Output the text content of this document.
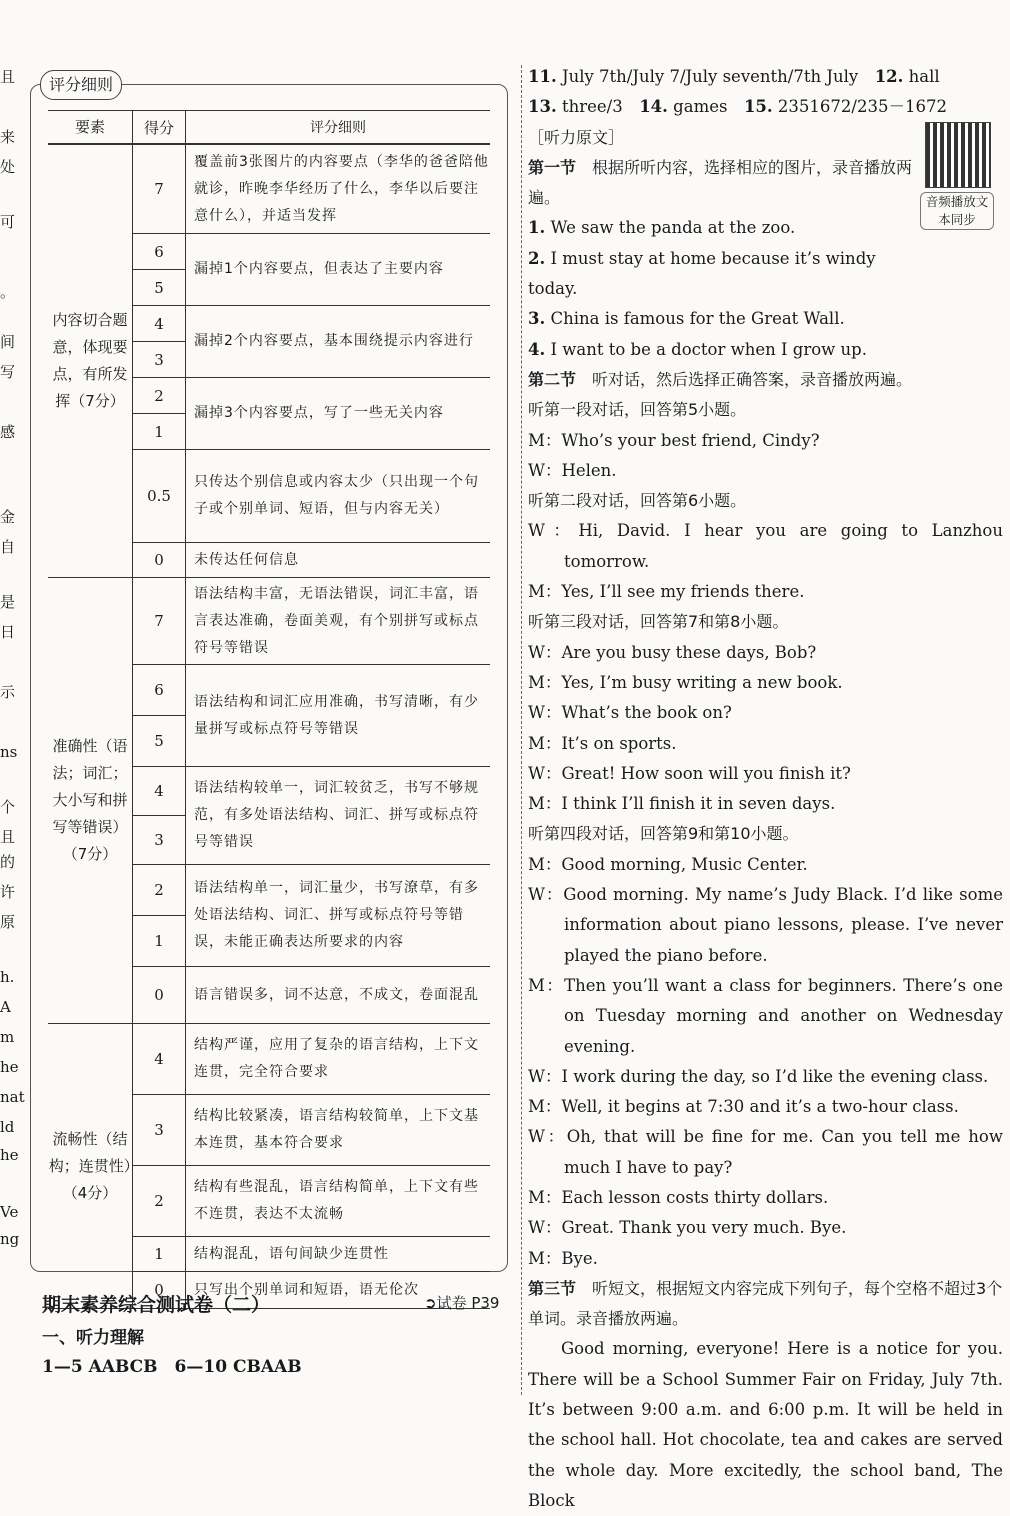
且
来
处
可
。
间
写
感
金
自
是
日
示
ns
个
且
的
许
原
h.
A
m
he
nat
ld
he
Ve
ng
评分细则
要素	得分	评分细则
内容切合题意，体现要点，有所发挥（7分）	7	覆盖前3张图片的内容要点（李华的爸爸陪他就诊，昨晚李华经历了什么，李华以后要注意什么），并适当发挥
	6	漏掉1个内容要点，但表达了主要内容
	5	
	4	漏掉2个内容要点，基本围绕提示内容进行
	3	
	2	漏掉3个内容要点，写了一些无关内容
	1	
	0.5	只传达个别信息或内容太少（只出现一个句子或个别单词、短语，但与内容无关）
	0	未传达任何信息
准确性（语法；词汇；大小写和拼写等错误）（7分）	7	语法结构丰富，无语法错误，词汇丰富，语言表达准确，卷面美观，有个别拼写或标点符号等错误
	6	语法结构和词汇应用准确，书写清晰，有少量拼写或标点符号等错误
	5	
	4	语法结构较单一，词汇较贫乏，书写不够规范，有多处语法结构、词汇、拼写或标点符号等错误
	3	
	2	语法结构单一，词汇量少，书写潦草，有多处语法结构、词汇、拼写或标点符号等错误，未能正确表达所要求的内容
	1	
	0	语言错误多，词不达意，不成文，卷面混乱
流畅性（结构；连贯性）（4分）	4	结构严谨，应用了复杂的语言结构，上下文连贯，完全符合要求
	3	结构比较紧凑，语言结构较简单，上下文基本连贯，基本符合要求
	2	结构有些混乱，语言结构简单，上下文有些不连贯，表达不太流畅
	1	结构混乱，语句间缺少连贯性
	0	只写出个别单词和短语，语无伦次
期末素养综合测试卷（二）	➲试卷 P39
一、听力理解
1—5 AABCB　6—10 CBAAB
音频播放文本同步

11. July 7th/July 7/July seventh/7th July　 12. hall

13. three/3　 14. games　 15. 2351672/235－1672

［听力原文］

第一节　 根据所听内容，选择相应的图片，录音播放两遍。

1. We saw the panda at the zoo.

2. I must stay at home because it’s windy today.

3. China is famous for the Great Wall.

4. I want to be a doctor when I grow up.

第二节　 听对话，然后选择正确答案，录音播放两遍。

听第一段对话，回答第5小题。

M：Who’s your best friend, Cindy?

W：Helen.

听第二段对话，回答第6小题。

W：Hi, David. I hear you are going to Lanzhou tomorrow.

M：Yes, I’ll see my friends there.

听第三段对话，回答第7和第8小题。

W：Are you busy these days, Bob?

M：Yes, I’m busy writing a new book.

W：What’s the book on?

M：It’s on sports.

W：Great! How soon will you finish it?

M：I think I’ll finish it in seven days.

听第四段对话，回答第9和第10小题。

M：Good morning, Music Center.

W：Good morning. My name’s Judy Black. I’d like some information about piano lessons, please. I’ve never played the piano before.

M：Then you’ll want a class for beginners. There’s one on Tuesday morning and another on Wednesday evening.

W：I work during the day, so I’d like the evening class.

M：Well, it begins at 7:30 and it’s a two-hour class.

W：Oh, that will be fine for me. Can you tell me how much I have to pay?

M：Each lesson costs thirty dollars.

W：Great. Thank you very much. Bye.

M：Bye.

第三节　 听短文，根据短文内容完成下列句子，每个空格不超过3个单词。录音播放两遍。

Good morning, everyone! Here is a notice for you. There will be a School Summer Fair on Friday, July 7th. It’s between 9:00 a.m. and 6:00 p.m. It will be held in the school hall. Hot chocolate, tea and cakes are served the whole day. More excitedly, the school band, The Block
